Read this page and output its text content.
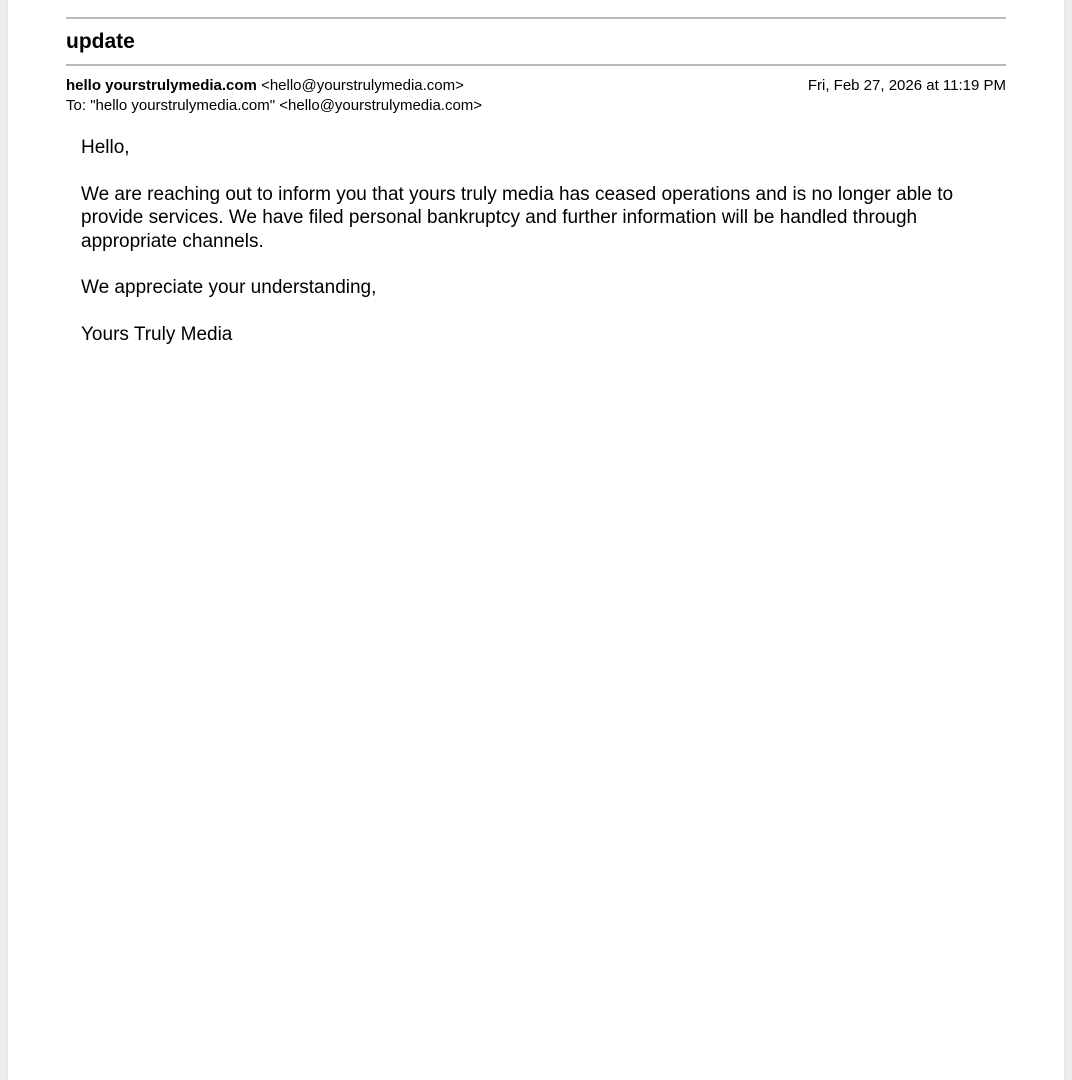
update
hello yourstrulymedia.com <hello@yourstrulymedia.com>	Fri, Feb 27, 2026 at 11:19 PM
To: "hello yourstrulymedia.com" <hello@yourstrulymedia.com>

Hello,

We are reaching out to inform you that yours truly media has ceased operations and is no longer able to provide services. We have filed personal bankruptcy and further information will be handled through appropriate channels.

We appreciate your understanding,

Yours Truly Media
